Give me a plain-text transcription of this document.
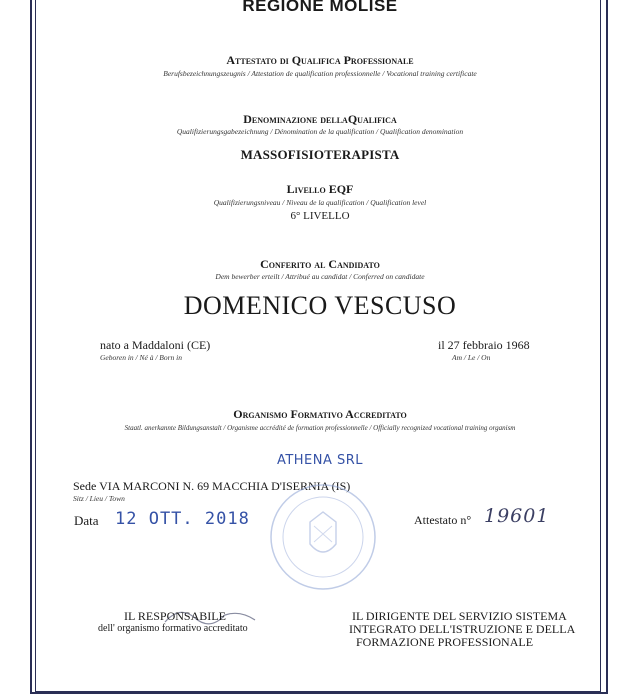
REGIONE MOLISE
Attestato di Qualifica Professionale
Berufsbezeichnungszeugnis / Attestation de qualification professionnelle / Vocational training certificate
Denominazione dellaQualifica
Qualifizierungsgabezeichnung / Dénomination de la qualification / Qualification denomination
MASSOFISIOTERAPISTA
Livello EQF
Qualifizierungsniveau / Niveau de la qualification / Qualification level
6° LIVELLO
Conferito al Candidato
Dem bewerber erteilt / Attribué au candidat / Conferred on candidate
DOMENICO VESCUSO
nato a Maddaloni (CE)
Geboren in / Né à / Born in
il 27 febbraio 1968
Am / Le / On
Organismo Formativo Accreditato
Staatl. anerkannte Bildungsanstalt / Organisme accrédité de formation professionnelle / Officially recognized vocational training organism
ATHENA SRL
Sede VIA MARCONI N. 69 MACCHIA D'ISERNIA (IS)
Sitz / Lieu / Town
Data 12 OTT. 2018	Attestato n° 19601
IL RESPONSABILE
dell' organismo formativo accreditato
IL DIRIGENTE DEL SERVIZIO SISTEMA
INTEGRATO DELL'ISTRUZIONE E DELLA
FORMAZIONE PROFESSIONALE
